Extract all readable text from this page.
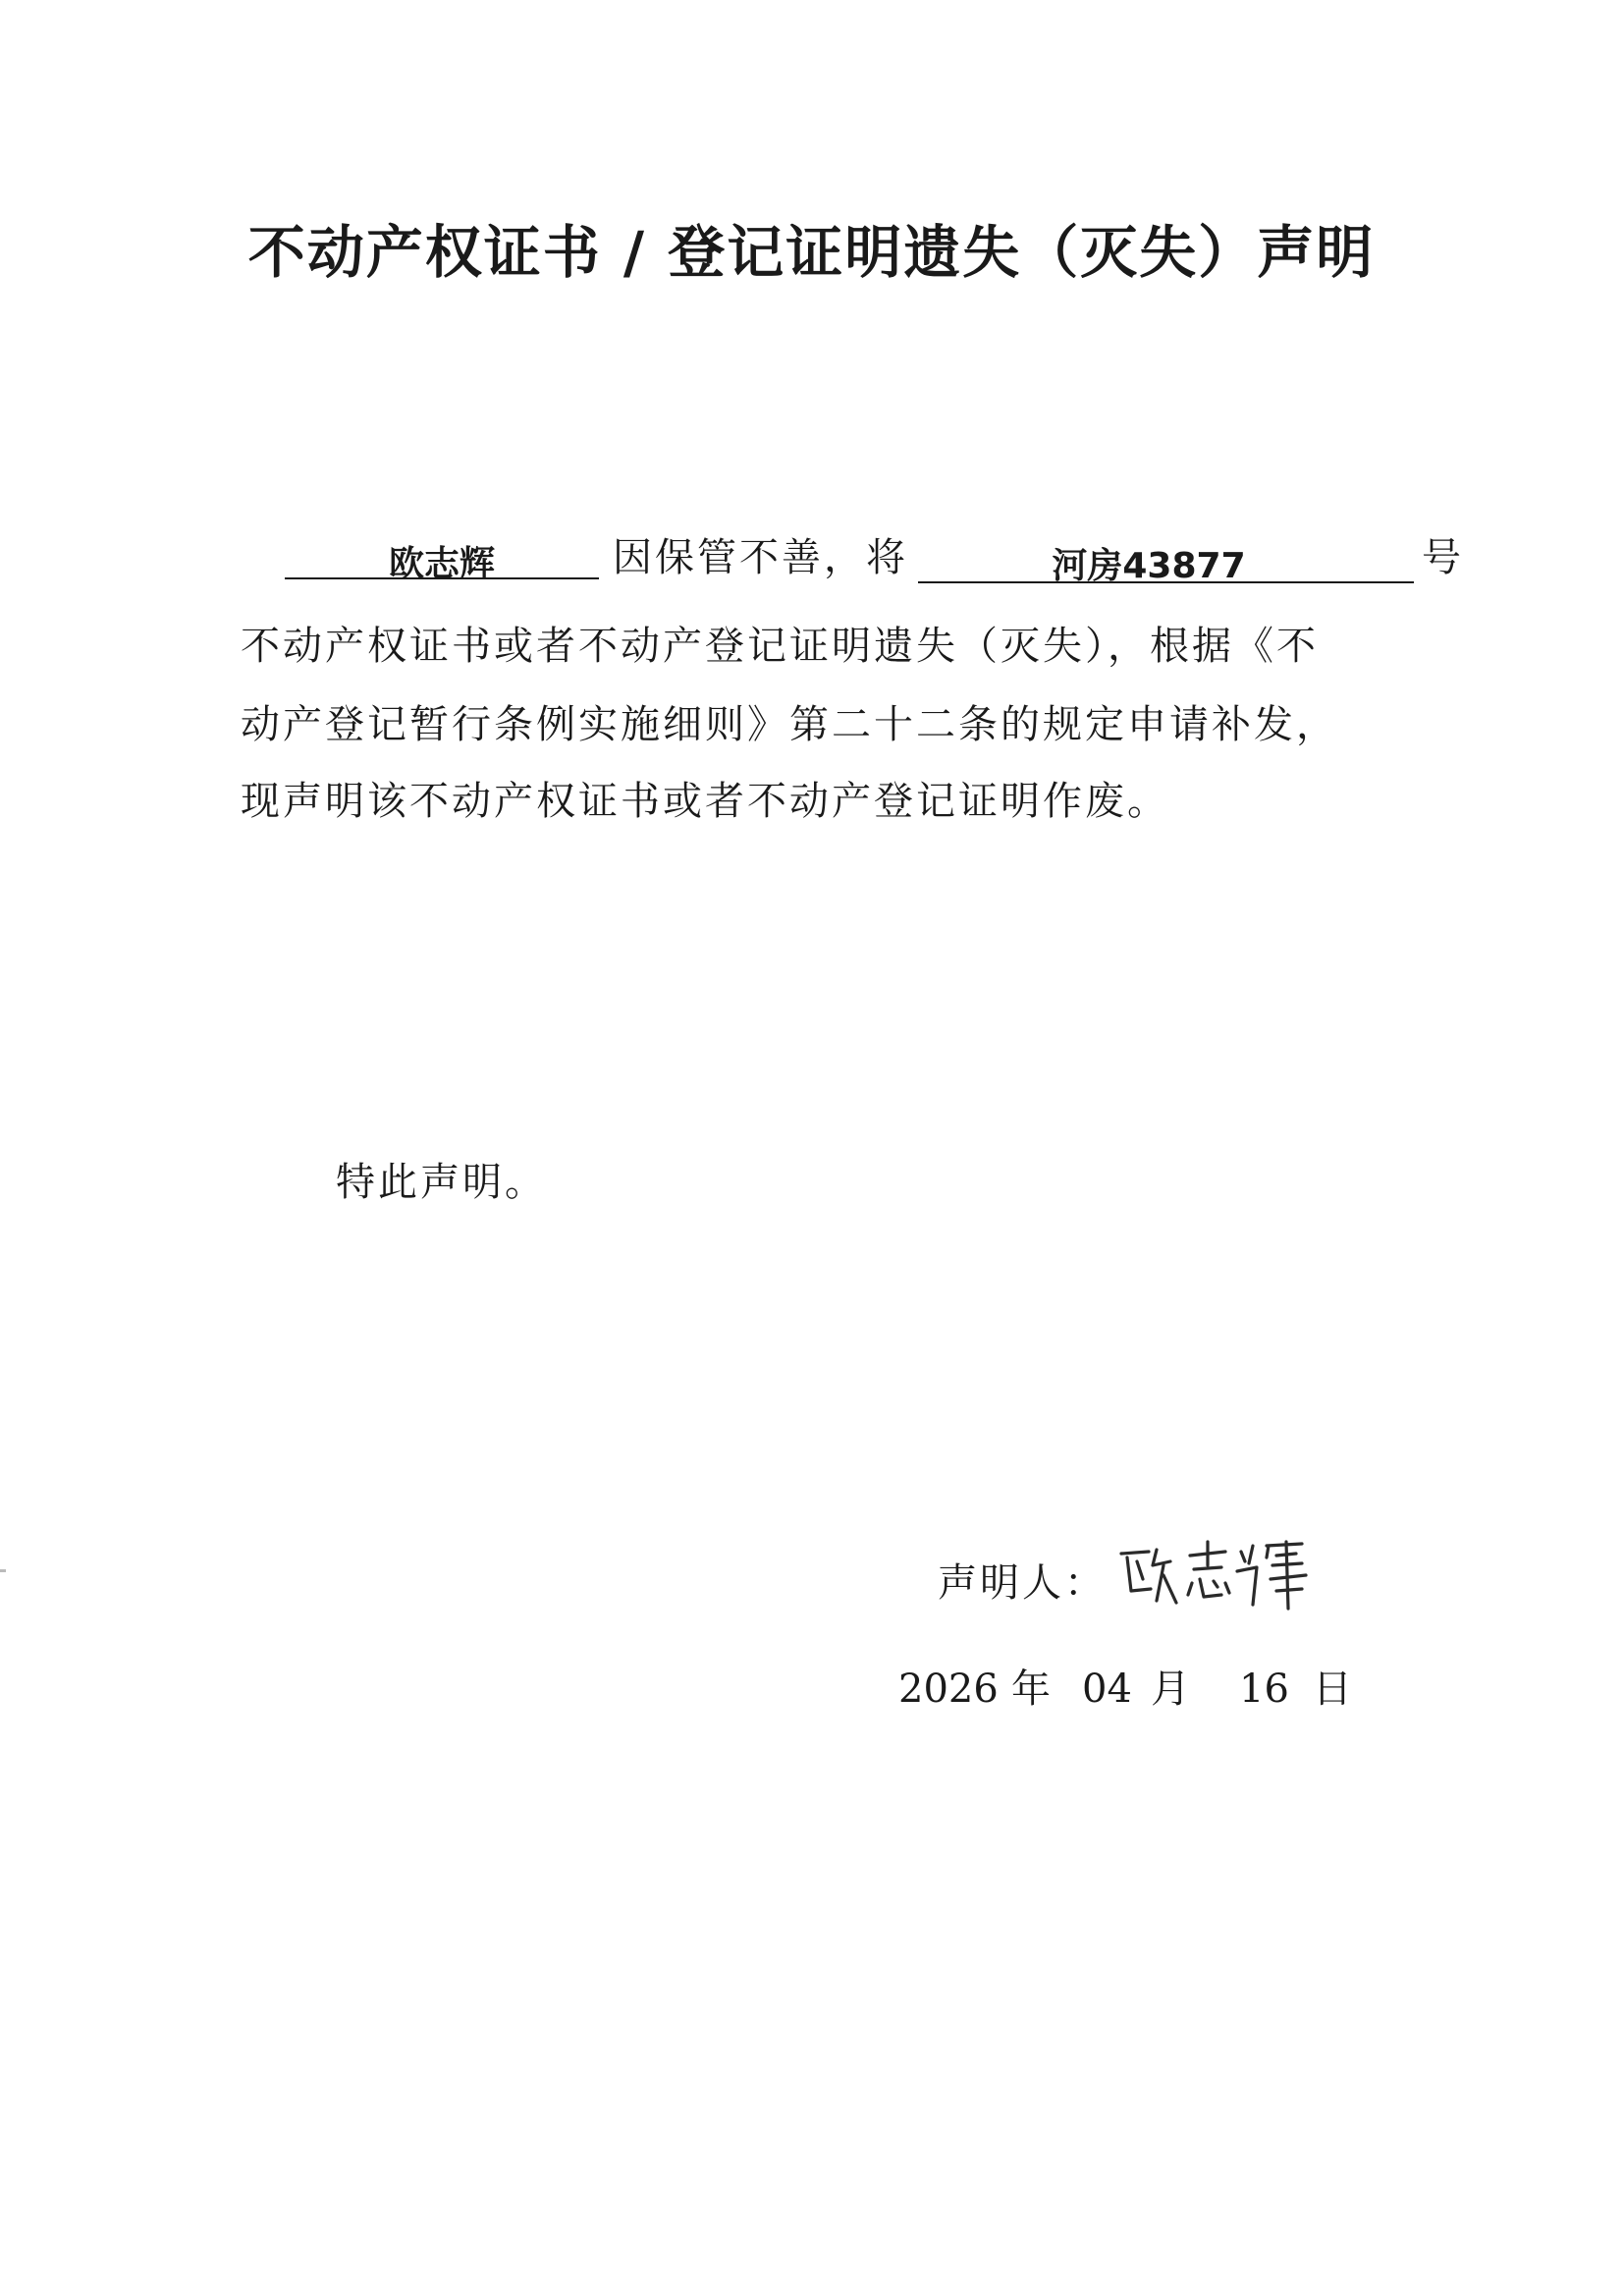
不动产权证书 / 登记证明遗失（灭失）声明
欧志辉	因保管不善，将	河房43877	号
不动产权证书或者不动产登记证明遗失（灭失），根据《不
动产登记暂行条例实施细则》第二十二条的规定申请补发，
现声明该不动产权证书或者不动产登记证明作废。
特此声明。
声明人：
2026 年 04 月 16 日
